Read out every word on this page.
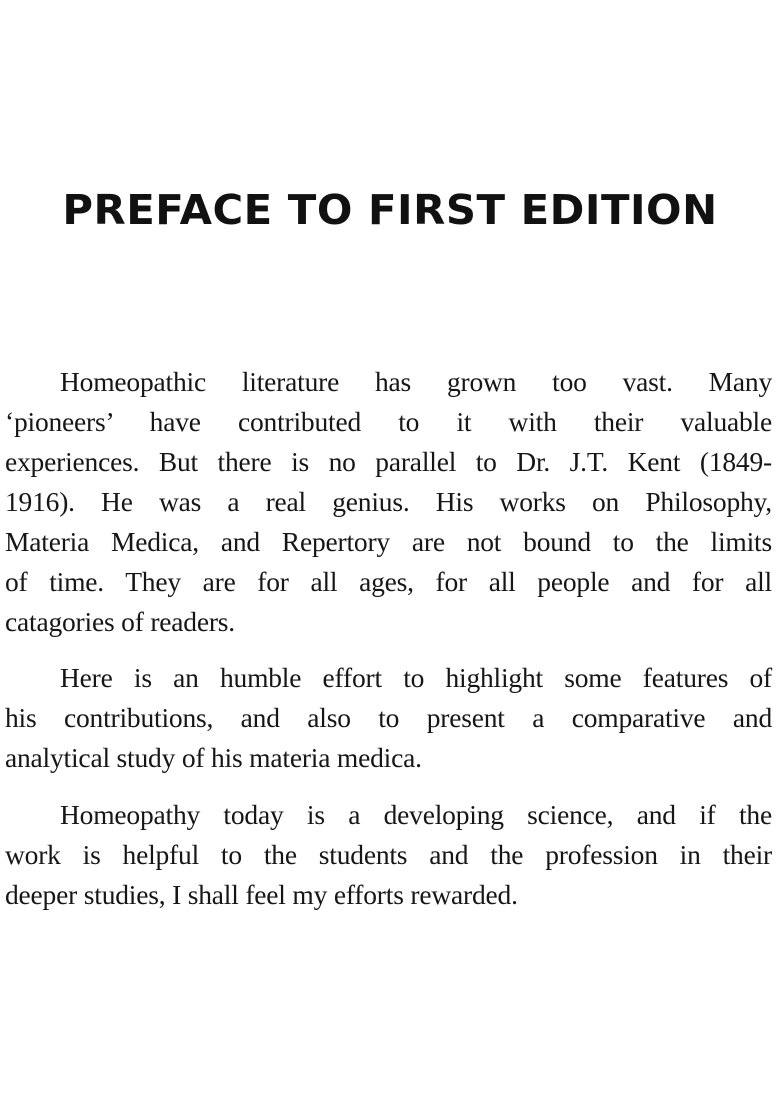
PREFACE TO FIRST EDITION
Homeopathic literature has grown too vast. Many
‘pioneers’ have contributed to it with their valuable
experiences. But there is no parallel to Dr. J.T. Kent (1849-
1916). He was a real genius. His works on Philosophy,
Materia Medica, and Repertory are not bound to the limits
of time. They are for all ages, for all people and for all
catagories of readers.
Here is an humble effort to highlight some features of
his contributions, and also to present a comparative and
analytical study of his materia medica.
Homeopathy today is a developing science, and if the
work is helpful to the students and the profession in their
deeper studies, I shall feel my efforts rewarded.
